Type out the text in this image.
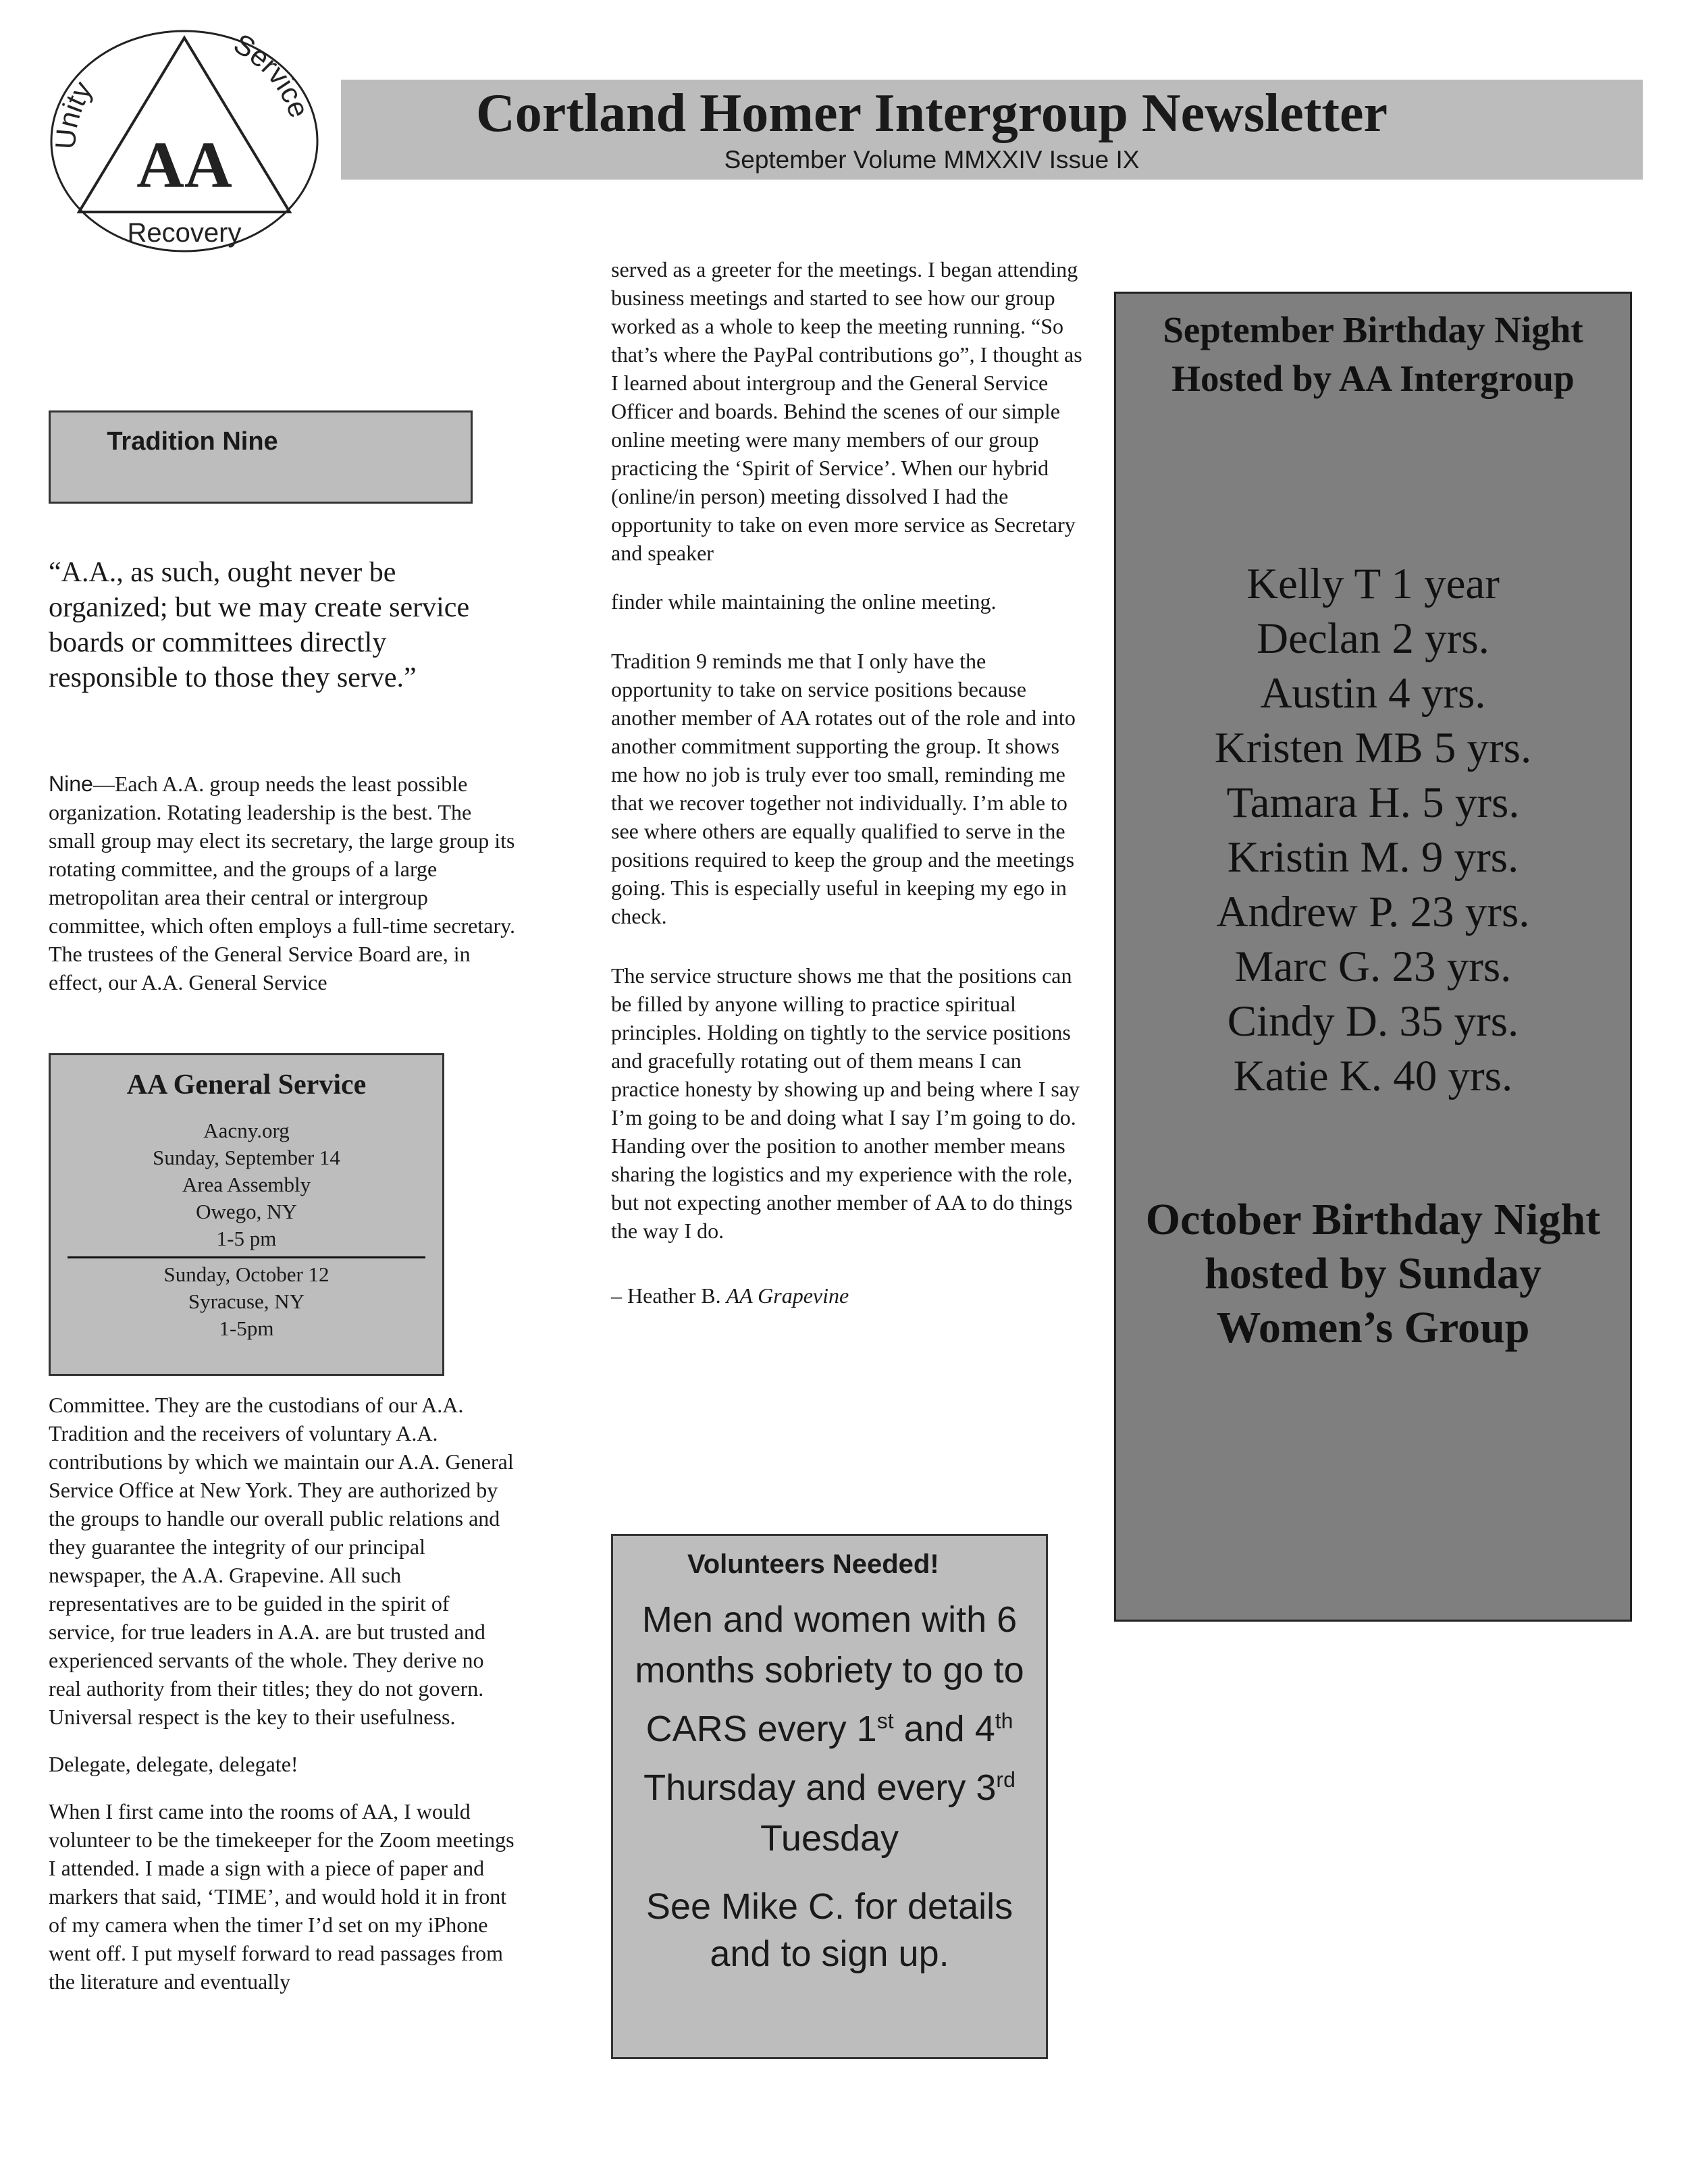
Unity
Service
AA
Recovery
Cortland Homer Intergroup Newsletter
September Volume MMXXIV Issue IX
Tradition Nine

“A.A., as such, ought never be organized; but we may create service boards or committees directly responsible to those they serve.”

Nine—Each A.A. group needs the least possible organization. Rotating leadership is the best. The small group may elect its secretary, the large group its rotating committee, and the groups of a large metropolitan area their central or intergroup committee, which often employs a full-time secretary. The trustees of the General Service Board are, in effect, our A.A. General Service

AA General Service
Aacny.org
Sunday, September 14
Area Assembly
Owego, NY
1-5 pm
Sunday, October 12
Syracuse, NY
1-5pm

Committee. They are the custodians of our A.A. Tradition and the receivers of voluntary A.A. contributions by which we maintain our A.A. General Service Office at New York. They are authorized by the groups to handle our overall public relations and they guarantee the integrity of our principal newspaper, the A.A. Grapevine. All such representatives are to be guided in the spirit of service, for true leaders in A.A. are but trusted and experienced servants of the whole. They derive no real authority from their titles; they do not govern. Universal respect is the key to their usefulness.

Delegate, delegate, delegate!

When I first came into the rooms of AA, I would volunteer to be the timekeeper for the Zoom meetings I attended. I made a sign with a piece of paper and markers that said, ‘TIME’, and would hold it in front of my camera when the timer I’d set on my iPhone went off. I put myself forward to read passages from the literature and eventually

served as a greeter for the meetings. I began attending business meetings and started to see how our group worked as a whole to keep the meeting running. “So that’s where the PayPal contributions go”, I thought as I learned about intergroup and the General Service Officer and boards. Behind the scenes of our simple online meeting were many members of our group practicing the ‘Spirit of Service’. When our hybrid (online/in person) meeting dissolved I had the opportunity to take on even more service as Secretary and speaker

finder while maintaining the online meeting.

Tradition 9 reminds me that I only have the opportunity to take on service positions because another member of AA rotates out of the role and into another commitment supporting the group. It shows me how no job is truly ever too small, reminding me that we recover together not individually. I’m able to see where others are equally qualified to serve in the positions required to keep the group and the meetings going. This is especially useful in keeping my ego in check.

The service structure shows me that the positions can be filled by anyone willing to practice spiritual principles. Holding on tightly to the service positions and gracefully rotating out of them means I can practice honesty by showing up and being where I say I’m going to be and doing what I say I’m going to do. Handing over the position to another member means sharing the logistics and my experience with the role, but not expecting another member of AA to do things the way I do.

– Heather B. AA Grapevine

Volunteers Needed!

Men and women with 6 months sobriety to go to CARS every 1st and 4th Thursday and every 3rd Tuesday

See Mike C. for details and to sign up.

September Birthday Night Hosted by AA Intergroup
Kelly T 1 year
Declan 2 yrs.
Austin 4 yrs.
Kristen MB 5 yrs.
Tamara H. 5 yrs.
Kristin M. 9 yrs.
Andrew P. 23 yrs.
Marc G. 23 yrs.
Cindy D. 35 yrs.
Katie K. 40 yrs.
October Birthday Night hosted by Sunday Women’s Group
